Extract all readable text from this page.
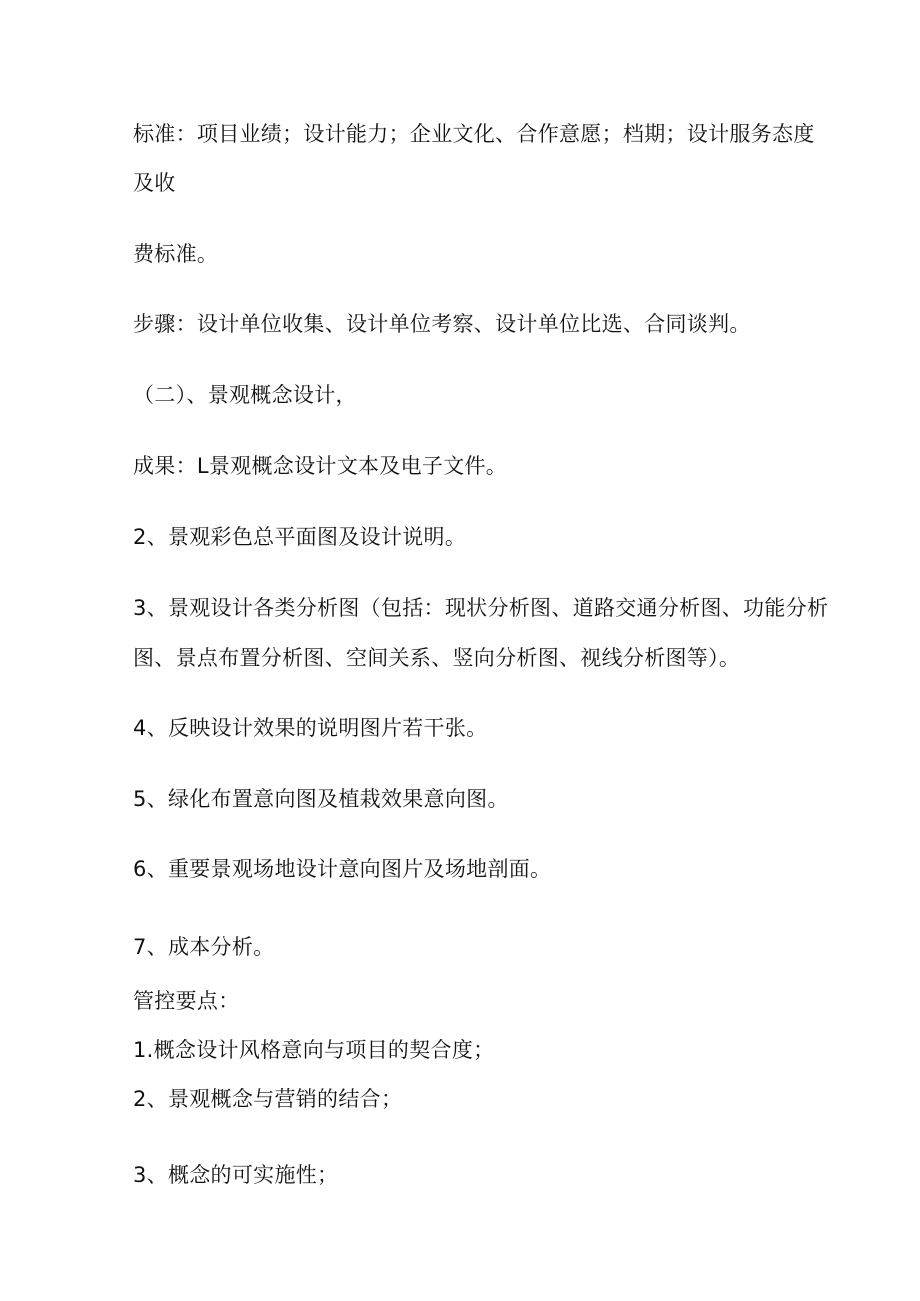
标准：项目业绩；设计能力；企业文化、合作意愿；档期；设计服务态度
及收
费标准。
步骤：设计单位收集、设计单位考察、设计单位比选、合同谈判。
（二）、景观概念设计，
成果：L景观概念设计文本及电子文件。
2、景观彩色总平面图及设计说明。
3、景观设计各类分析图（包括：现状分析图、道路交通分析图、功能分析
图、景点布置分析图、空间关系、竖向分析图、视线分析图等）。
4、反映设计效果的说明图片若干张。
5、绿化布置意向图及植栽效果意向图。
6、重要景观场地设计意向图片及场地剖面。
7、成本分析。
管控要点：
1.概念设计风格意向与项目的契合度；
2、景观概念与营销的结合；
3、概念的可实施性；
